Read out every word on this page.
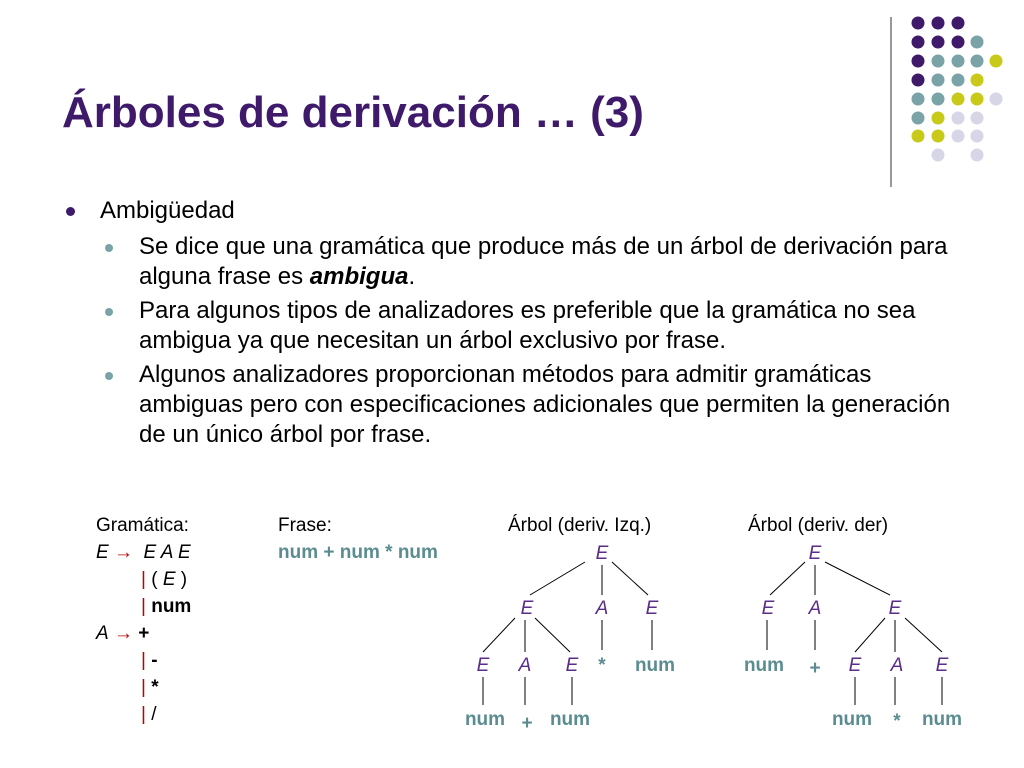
Árboles de derivación … (3)
Ambigüedad
Se dice que una gramática que produce más de un árbol de derivación para alguna frase es ambigua.
Para algunos tipos de analizadores es preferible que la gramática no sea ambigua ya que necesitan un árbol exclusivo por frase.
Algunos analizadores proporcionan métodos para admitir gramáticas ambiguas pero con especificaciones adicionales que permiten la generación de un único árbol por frase.
Gramática:	Frase:	Árbol (deriv. Izq.)	Árbol (deriv. der)
E → E A E
| ( E )
| num
A → +
| -
| *
| /
num + num * num	E
E	A E
E A E * num
num + num
E
E A	E
num + E A E
num * num
